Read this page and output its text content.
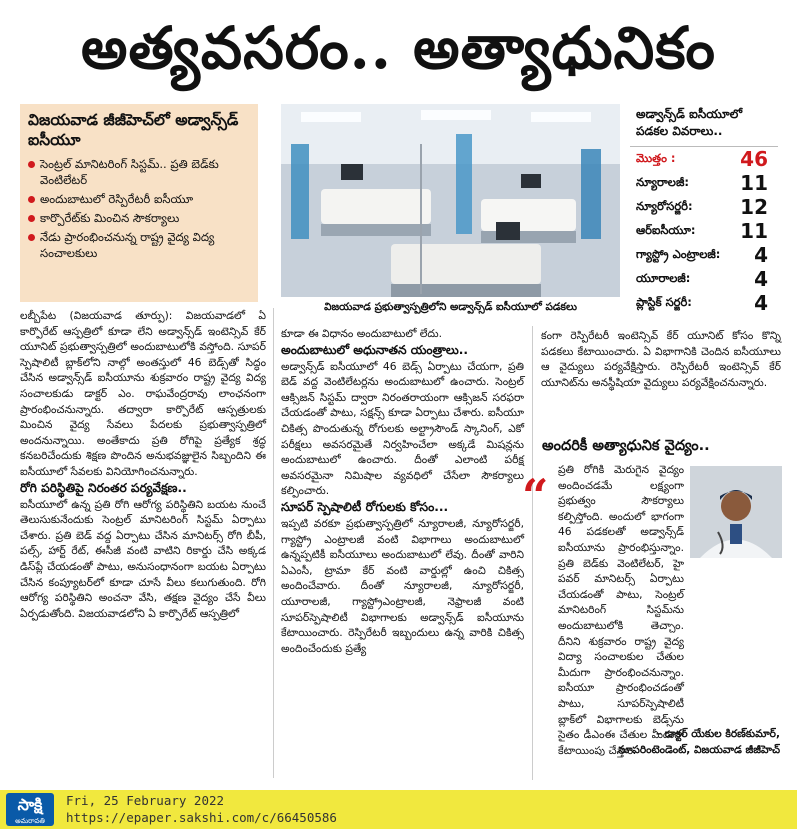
అత్యవసరం.. అత్యాధునికం

విజయవాడ జీజీహెచ్‌లో అడ్వాన్స్‌డ్ ఐసీయూ

సెంట్రల్ మానిటరింగ్ సిస్టమ్.. ప్రతి బెడ్‌కు వెంటిలేటర్
అందుబాటులో రెస్పిరేటరీ ఐసీయూ
కార్పొరేట్‌కు మించిన సౌకర్యాలు
నేడు ప్రారంభించనున్న రాష్ట్ర వైద్య విద్య సంచాలకులు
విజయవాడ ప్రభుత్వాస్పత్రిలోని అడ్వాన్స్‌డ్ ఐసీయూలో పడకలు
అడ్వాన్స్‌డ్ ఐసీయూలో పడకల వివరాలు..
మొత్తం :	46
న్యూరాలజీ:	11
న్యూరోసర్జరీ: 12
ఆర్ఐసీయూ: 11
గ్యాస్ట్రో ఎంట్రాలజీ: 4
యూరాలజీ:	4
ప్లాస్టిక్ సర్జరీ:	4

లబ్బీపేట (విజయవాడ తూర్పు): విజయవాడలో ఏ కార్పొరేట్ ఆస్పత్రిలో కూడా లేని అడ్వాన్స్‌డ్ ఇంటెన్సివ్ కేర్ యూనిట్ ప్రభుత్వాస్పత్రిలో అందుబాటులోకి వస్తోంది. సూపర్ స్పెషాలిటీ బ్లాక్‌లోని నాల్గో అంతస్తులో 46 బెడ్స్‌తో సిద్ధం చేసిన అడ్వాన్స్‌డ్ ఐసీయూను శుక్రవారం రాష్ట్ర వైద్య విద్య సంచాలకుడు డాక్టర్ ఎం. రాఘవేంద్రరావు లాంఛనంగా ప్రారంభించనున్నారు. తద్వారా కార్పొరేట్ ఆస్పత్రులకు మించిన వైద్య సేవలు పేదలకు ప్రభుత్వాస్పత్రిలో అందనున్నాయి. అంతేకాదు ప్రతి రోగిపై ప్రత్యేక శ్రద్ధ కనబరిచేందుకు శిక్షణ పొందిన అనుభవజ్ఞులైన సిబ్బందిని ఈ ఐసీయూలో సేవలకు వినియోగించనున్నారు.

రోగి పరిస్థితిపై నిరంతర పర్యవేక్షణ..

ఐసీయూలో ఉన్న ప్రతి రోగి ఆరోగ్య పరిస్థితిని బయట నుంచే తెలుసుకునేందుకు సెంట్రల్ మానిటరింగ్ సిస్టమ్ ఏర్పాటు చేశారు. ప్రతి బెడ్ వద్ద ఏర్పాటు చేసిన మానిటర్స్ రోగి బీపీ, పల్స్, హార్ట్ రేట్, ఈసీజీ వంటి వాటిని రికార్డు చేసి అక్కడ డిస్‌ప్లే చేయడంతో పాటు, అనుసంధానంగా బయట ఏర్పాటు చేసిన కంప్యూటర్‌లో కూడా చూసే వీలు కలుగుతుంది. రోగి ఆరోగ్య పరిస్థితిని అంచనా వేసి, తక్షణ వైద్యం చేసే వీలు ఏర్పడుతోంది. విజయవాడలోని ఏ కార్పొరేట్ ఆస్పత్రిలో

కూడా ఈ విధానం అందుబాటులో లేదు.

అందుబాటులో అధునాతన యంత్రాలు..

అడ్వాన్స్‌డ్ ఐసీయూలో 46 బెడ్స్ ఏర్పాటు చేయగా, ప్రతి బెడ్ వద్ద వెంటిలేటర్లను అందుబాటులో ఉంచారు. సెంట్రల్ ఆక్సిజన్ సిస్టమ్ ద్వారా నిరంతరాయంగా ఆక్సిజన్ సరఫరా చేయడంతో పాటు, సక్షన్స్ కూడా ఏర్పాటు చేశారు. ఐసీయూ చికిత్స పొందుతున్న రోగులకు అల్ట్రాసౌండ్ స్కానింగ్, ఎకో పరీక్షలు అవసరమైతే నిర్వహించేలా అక్కడే మిషన్లను అందుబాటులో ఉంచారు. దీంతో ఎలాంటి పరీక్ష అవసరమైనా నిమిషాల వ్యవధిలో చేసేలా సౌకర్యాలు కల్పించారు.

సూపర్ స్పెషాలిటీ రోగులకు కోసం...

ఇప్పటి వరకూ ప్రభుత్వాస్పత్రిలో న్యూరాలజీ, న్యూరోసర్జరీ, గ్యాస్ట్రో ఎంట్రాలజీ వంటి విభాగాలు అందుబాటులో ఉన్నప్పటికీ ఐసీయూలు అందుబాటులో లేవు. దీంతో వారిని ఏఎంసీ, ట్రామా కేర్ వంటి వార్డుల్లో ఉంచి చికిత్స అందించేవారు. దీంతో న్యూరాలజీ, న్యూరోసర్జరీ, యూరాలజీ, గ్యాస్ట్రోఎంట్రాలజీ, నెఫ్రాలజీ వంటి సూపర్‌స్పెషాలిటీ విభాగాలకు అడ్వాన్స్‌డ్ ఐసీయూను కేటాయించారు. రెస్పిరేటరీ ఇబ్బందులు ఉన్న వారికి చికిత్స అందించేందుకు ప్రత్యే

కంగా రెస్పిరేటరీ ఇంటెన్సివ్ కేర్ యూనిట్ కోసం కొన్ని పడకలు కేటాయించారు. ఏ విభాగానికి చెందిన ఐసీయూలు ఆ వైద్యులు పర్యవేక్షిస్తారు. రెస్పిరేటరీ ఇంటెన్సివ్ కేర్ యూనిట్‌ను అనస్థీషియా వైద్యులు పర్యవేక్షించనున్నారు.

అందరికీ అత్యాధునిక వైద్యం..
“ ప్రతి రోగికి మెరుగైన వైద్యం అందించడమే లక్ష్యంగా ప్రభుత్వం సౌకర్యాలు కల్పిస్తోంది. అందులో భాగంగా 46 పడకలతో అడ్వాన్స్‌డ్ ఐసీయూను ప్రారంభిస్తున్నాం. ప్రతి బెడ్‌కు వెంటిలేటర్, హై పవర్ మానిటర్స్ ఏర్పాటు చేయడంతో పాటు, సెంట్రల్ మానిటరింగ్ సిస్టమ్‌ను అందుబాటులోకి తెచ్చాం. దీనిని శుక్రవారం రాష్ట్ర వైద్య విద్యా సంచాలకుల చేతుల మీదుగా ప్రారంభించనున్నాం. ఐసీయూ ప్రారంభించడంతో పాటు, సూపర్‌స్పెషాలిటీ బ్లాక్‌లో విభాగాలకు బెడ్స్‌ను సైతం డీఎంఈ చేతుల మీదుగా కేటాయింపు చేస్తాం.

– డాక్టర్ యేకుల కిరణ్‌కుమార్,
సూపరింటెండెంట్, విజయవాడ జీజీహెచ్
సాక్షి
అమరావతి
Fri, 25 February 2022
https://epaper.sakshi.com/c/66450586
